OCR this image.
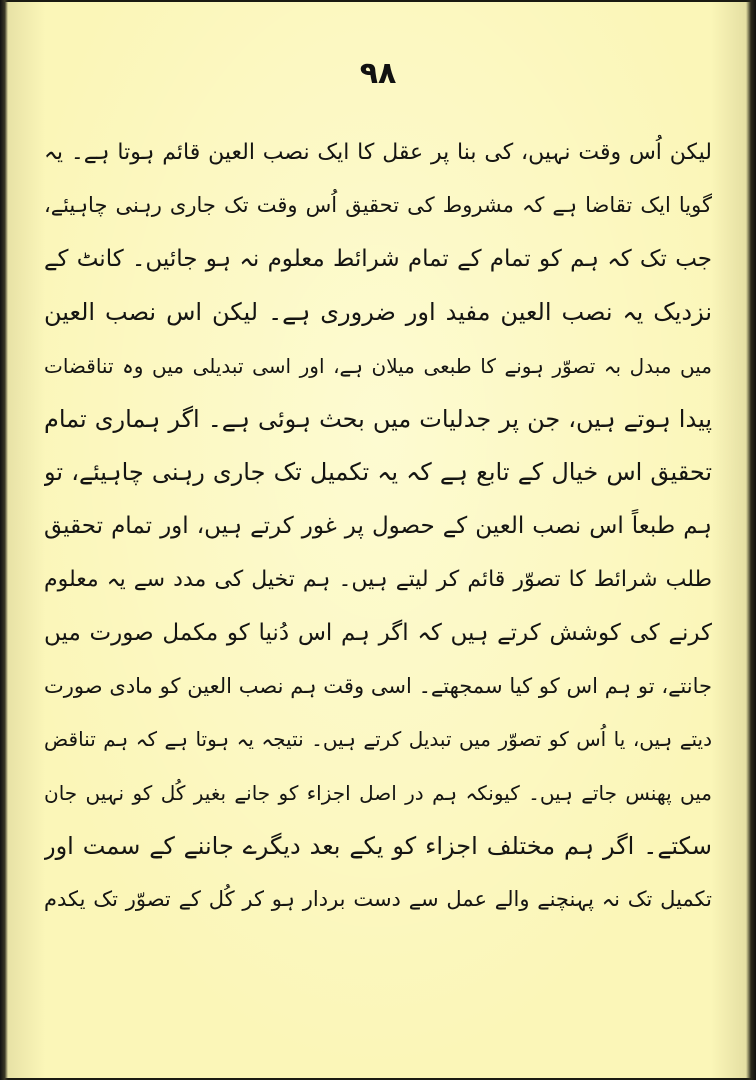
۹۸
لیکن اُس وقت نہیں، کی بنا پر عقل کا ایک نصب العین قائم ہوتا ہے۔ یہ
گویا ایک تقاضا ہے کہ مشروط کی تحقیق اُس وقت تک جاری رہنی چاہیئے،
جب تک کہ ہم کو تمام کے تمام شرائط معلوم نہ ہو جائیں۔ کانٹ کے
نزدیک یہ نصب العین مفید اور ضروری ہے۔ لیکن اس نصب العین
میں مبدل بہ تصوّر ہونے کا طبعی میلان ہے، اور اسی تبدیلی میں وہ تناقضات
پیدا ہوتے ہیں، جن پر جدلیات میں بحث ہوئی ہے۔ اگر ہماری تمام
تحقیق اس خیال کے تابع ہے کہ یہ تکمیل تک جاری رہنی چاہیئے، تو
ہم طبعاً اس نصب العین کے حصول پر غور کرتے ہیں، اور تمام تحقیق
طلب شرائط کا تصوّر قائم کر لیتے ہیں۔ ہم تخیل کی مدد سے یہ معلوم
کرنے کی کوشش کرتے ہیں کہ اگر ہم اس دُنیا کو مکمل صورت میں
جانتے، تو ہم اس کو کیا سمجھتے۔ اسی وقت ہم نصب العین کو مادی صورت
دیتے ہیں، یا اُس کو تصوّر میں تبدیل کرتے ہیں۔ نتیجہ یہ ہوتا ہے کہ ہم تناقض
میں پھنس جاتے ہیں۔ کیونکہ ہم در اصل اجزاء کو جانے بغیر کُل کو نہیں جان
سکتے۔ اگر ہم مختلف اجزاء کو یکے بعد دیگرے جاننے کے سمت اور
تکمیل تک نہ پہنچنے والے عمل سے دست بردار ہو کر کُل کے تصوّر تک یکدم
